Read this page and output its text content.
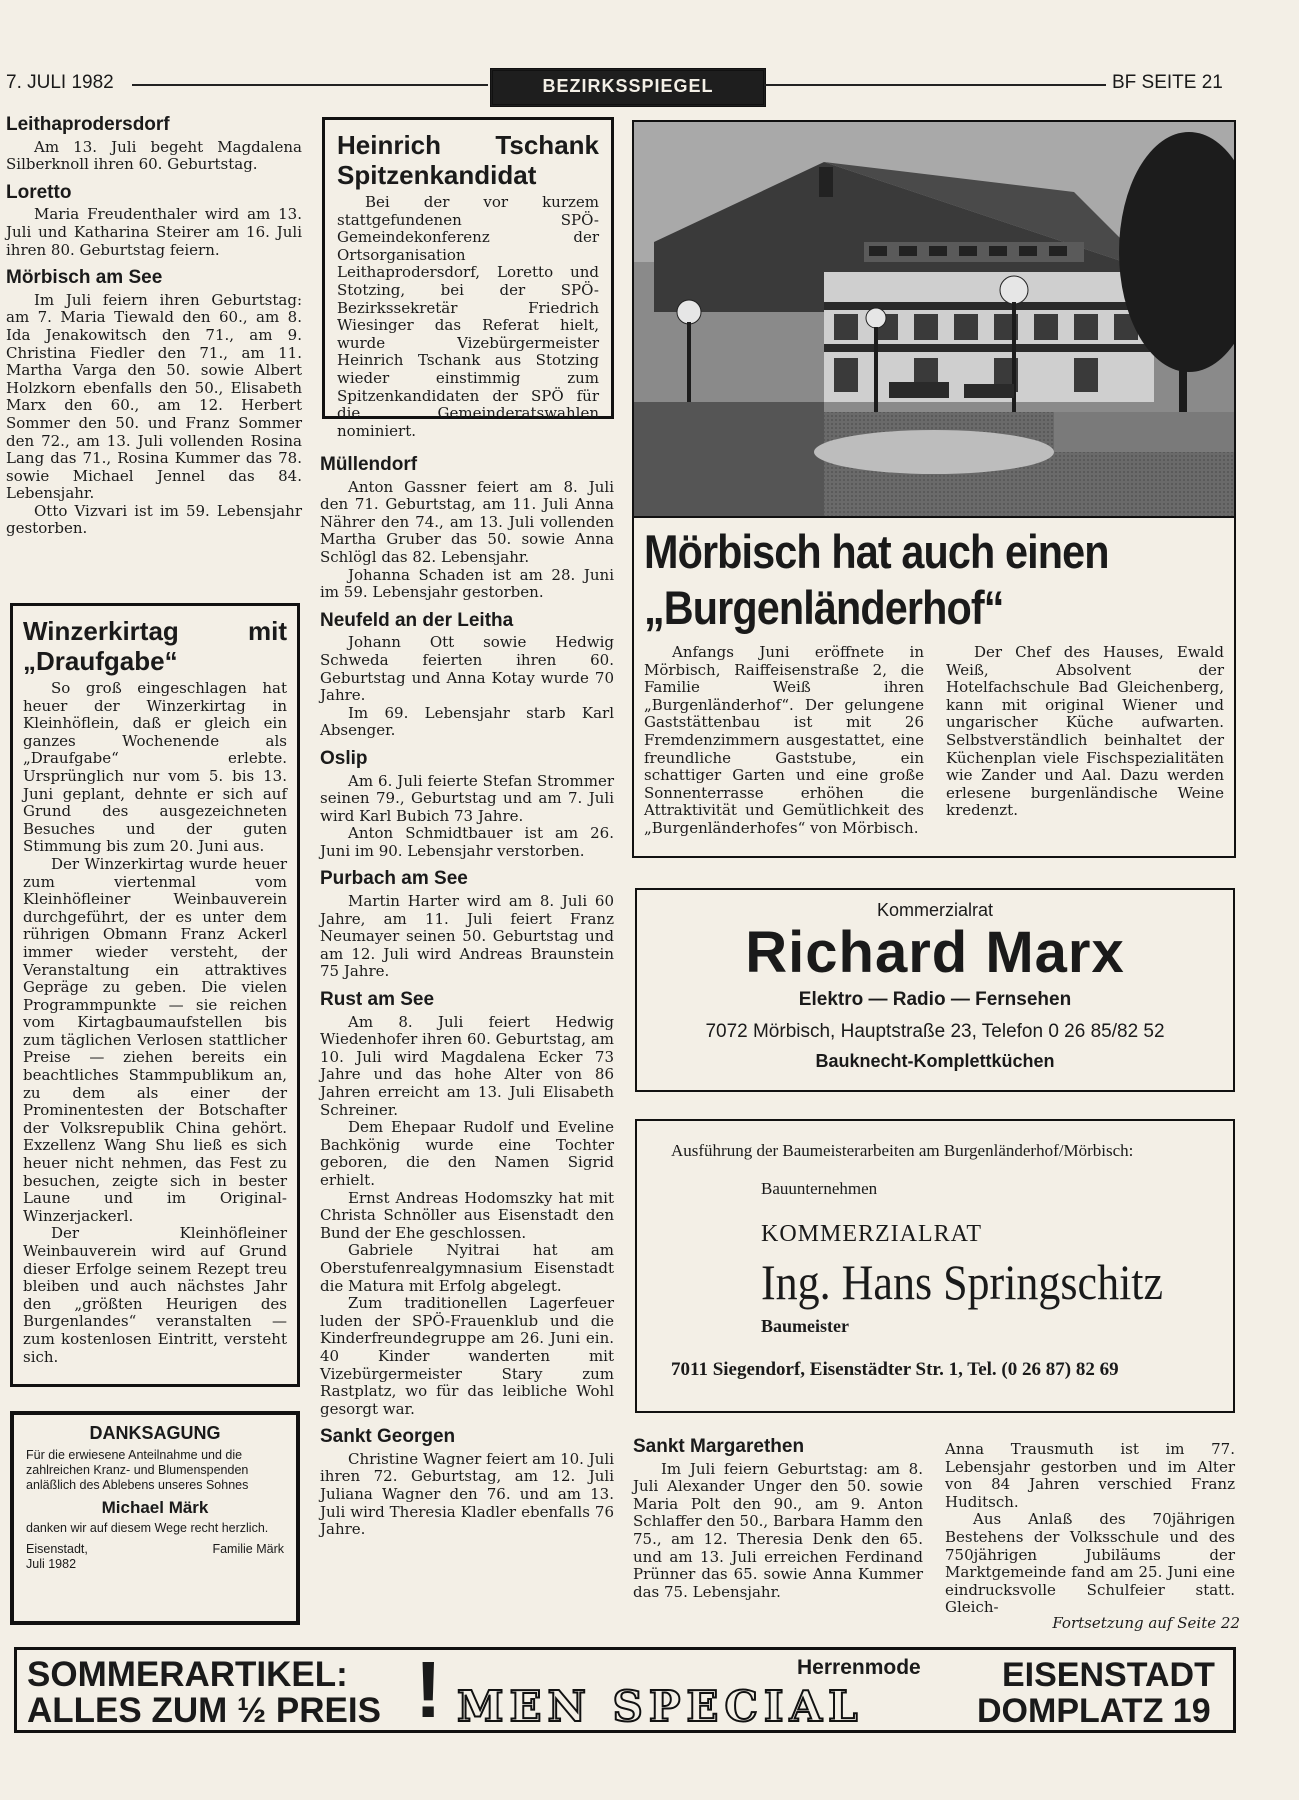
7. JULI 1982	BEZIRKSSPIEGEL	BF SEITE 21
Leithaprodersdorf

Am 13. Juli begeht Magdalena Silberknoll ihren 60. Geburtstag.

Loretto

Maria Freudenthaler wird am 13. Juli und Katharina Steirer am 16. Juli ihren 80. Geburtstag feiern.

Mörbisch am See

Im Juli feiern ihren Geburtstag: am 7. Maria Tiewald den 60., am 8. Ida Jenakowitsch den 71., am 9. Christina Fiedler den 71., am 11. Martha Varga den 50. sowie Albert Holzkorn ebenfalls den 50., Elisabeth Marx den 60., am 12. Herbert Sommer den 50. und Franz Sommer den 72., am 13. Juli vollenden Rosina Lang das 71., Rosina Kummer das 78. sowie Michael Jennel das 84. Lebensjahr.

Otto Vizvari ist im 59. Lebensjahr gestorben.

Winzerkirtag mit „Draufgabe“

So groß eingeschlagen hat heuer der Winzerkirtag in Kleinhöflein, daß er gleich ein ganzes Wochenende als „Draufgabe“ erlebte. Ursprünglich nur vom 5. bis 13. Juni geplant, dehnte er sich auf Grund des ausgezeichneten Besuches und der guten Stimmung bis zum 20. Juni aus.

Der Winzerkirtag wurde heuer zum viertenmal vom Kleinhöfleiner Weinbauverein durchgeführt, der es unter dem rührigen Obmann Franz Ackerl immer wieder versteht, der Veranstaltung ein attraktives Gepräge zu geben. Die vielen Programmpunkte — sie reichen vom Kirtagbaumaufstellen bis zum täglichen Verlosen stattlicher Preise — ziehen bereits ein beachtliches Stammpublikum an, zu dem als einer der Prominentesten der Botschafter der Volksrepublik China gehört. Exzellenz Wang Shu ließ es sich heuer nicht nehmen, das Fest zu besuchen, zeigte sich in bester Laune und im Original-Winzerjackerl.

Der Kleinhöfleiner Weinbauverein wird auf Grund dieser Erfolge seinem Rezept treu bleiben und auch nächstes Jahr den „größten Heurigen des Burgenlandes“ veranstalten — zum kostenlosen Eintritt, versteht sich.

DANKSAGUNG
Für die erwiesene Anteilnahme und die zahlreichen Kranz- und Blumenspenden anläßlich des Ablebens unseres Sohnes
Michael Märk
danken wir auf diesem Wege recht herzlich.
Eisenstadt,
Juli 1982
Familie Märk
Heinrich Tschank Spitzenkandidat

Bei der vor kurzem stattgefundenen SPÖ-Gemeindekonferenz der Ortsorganisation Leithaprodersdorf, Loretto und Stotzing, bei der SPÖ-Bezirkssekretär Friedrich Wiesinger das Referat hielt, wurde Vizebürgermeister Heinrich Tschank aus Stotzing wieder einstimmig zum Spitzenkandidaten der SPÖ für die Gemeinderatswahlen nominiert.

Müllendorf

Anton Gassner feiert am 8. Juli den 71. Geburtstag, am 11. Juli Anna Nährer den 74., am 13. Juli vollenden Martha Gruber das 50. sowie Anna Schlögl das 82. Lebensjahr.

Johanna Schaden ist am 28. Juni im 59. Lebensjahr gestorben.

Neufeld an der Leitha

Johann Ott sowie Hedwig Schweda feierten ihren 60. Geburtstag und Anna Kotay wurde 70 Jahre.

Im 69. Lebensjahr starb Karl Absenger.

Oslip

Am 6. Juli feierte Stefan Strommer seinen 79., Geburtstag und am 7. Juli wird Karl Bubich 73 Jahre.

Anton Schmidtbauer ist am 26. Juni im 90. Lebensjahr verstorben.

Purbach am See

Martin Harter wird am 8. Juli 60 Jahre, am 11. Juli feiert Franz Neumayer seinen 50. Geburtstag und am 12. Juli wird Andreas Braunstein 75 Jahre.

Rust am See

Am 8. Juli feiert Hedwig Wiedenhofer ihren 60. Geburtstag, am 10. Juli wird Magdalena Ecker 73 Jahre und das hohe Alter von 86 Jahren erreicht am 13. Juli Elisabeth Schreiner.

Dem Ehepaar Rudolf und Eveline Bachkönig wurde eine Tochter geboren, die den Namen Sigrid erhielt.

Ernst Andreas Hodomszky hat mit Christa Schnöller aus Eisenstadt den Bund der Ehe geschlossen.

Gabriele Nyitrai hat am Oberstufenrealgymnasium Eisenstadt die Matura mit Erfolg abgelegt.

Zum traditionellen Lagerfeuer luden der SPÖ-Frauenklub und die Kinderfreundegruppe am 26. Juni ein. 40 Kinder wanderten mit Vizebürgermeister Stary zum Rastplatz, wo für das leibliche Wohl gesorgt war.

Sankt Georgen

Christine Wagner feiert am 10. Juli ihren 72. Geburtstag, am 12. Juli Juliana Wagner den 76. und am 13. Juli wird Theresia Kladler ebenfalls 76 Jahre.

Mörbisch hat auch einen
„Burgenländerhof“

Anfangs Juni eröffnete in Mörbisch, Raiffeisenstraße 2, die Familie Weiß ihren „Burgenländerhof“. Der gelungene Gaststättenbau ist mit 26 Fremdenzimmern ausgestattet, eine freundliche Gaststube, ein schattiger Garten und eine große Sonnenterrasse erhöhen die Attraktivität und Gemütlichkeit des „Burgenländerhofes“ von Mörbisch.

Der Chef des Hauses, Ewald Weiß, Absolvent der Hotelfachschule Bad Gleichenberg, kann mit original Wiener und ungarischer Küche aufwarten. Selbstverständlich beinhaltet der Küchenplan viele Fischspezialitäten wie Zander und Aal. Dazu werden erlesene burgenländische Weine kredenzt.

Kommerzialrat
Richard Marx
Elektro — Radio — Fernsehen
7072 Mörbisch, Hauptstraße 23, Telefon 0 26 85/82 52
Bauknecht-Komplettküchen
Ausführung der Baumeisterarbeiten am Burgenländerhof/Mörbisch:
Bauunternehmen
KOMMERZIALRAT
Ing. Hans Springschitz
Baumeister
7011 Siegendorf, Eisenstädter Str. 1, Tel. (0 26 87) 82 69
Sankt Margarethen

Im Juli feiern Geburtstag: am 8. Juli Alexander Unger den 50. sowie Maria Polt den 90., am 9. Anton Schlaffer den 50., Barbara Hamm den 75., am 12. Theresia Denk den 65. und am 13. Juli erreichen Ferdinand Prünner das 65. sowie Anna Kummer das 75. Lebensjahr.

Anna Trausmuth ist im 77. Lebensjahr gestorben und im Alter von 84 Jahren verschied Franz Huditsch.

Aus Anlaß des 70jährigen Bestehens der Volksschule und des 750jährigen Jubiläums der Marktgemeinde fand am 25. Juni eine eindrucksvolle Schulfeier statt. Gleich-

Fortsetzung auf Seite 22
SOMMERARTIKEL:
ALLES ZUM ½ PREIS !	Herrenmode
MEN SPECIAL
EISENSTADT
DOMPLATZ 19
